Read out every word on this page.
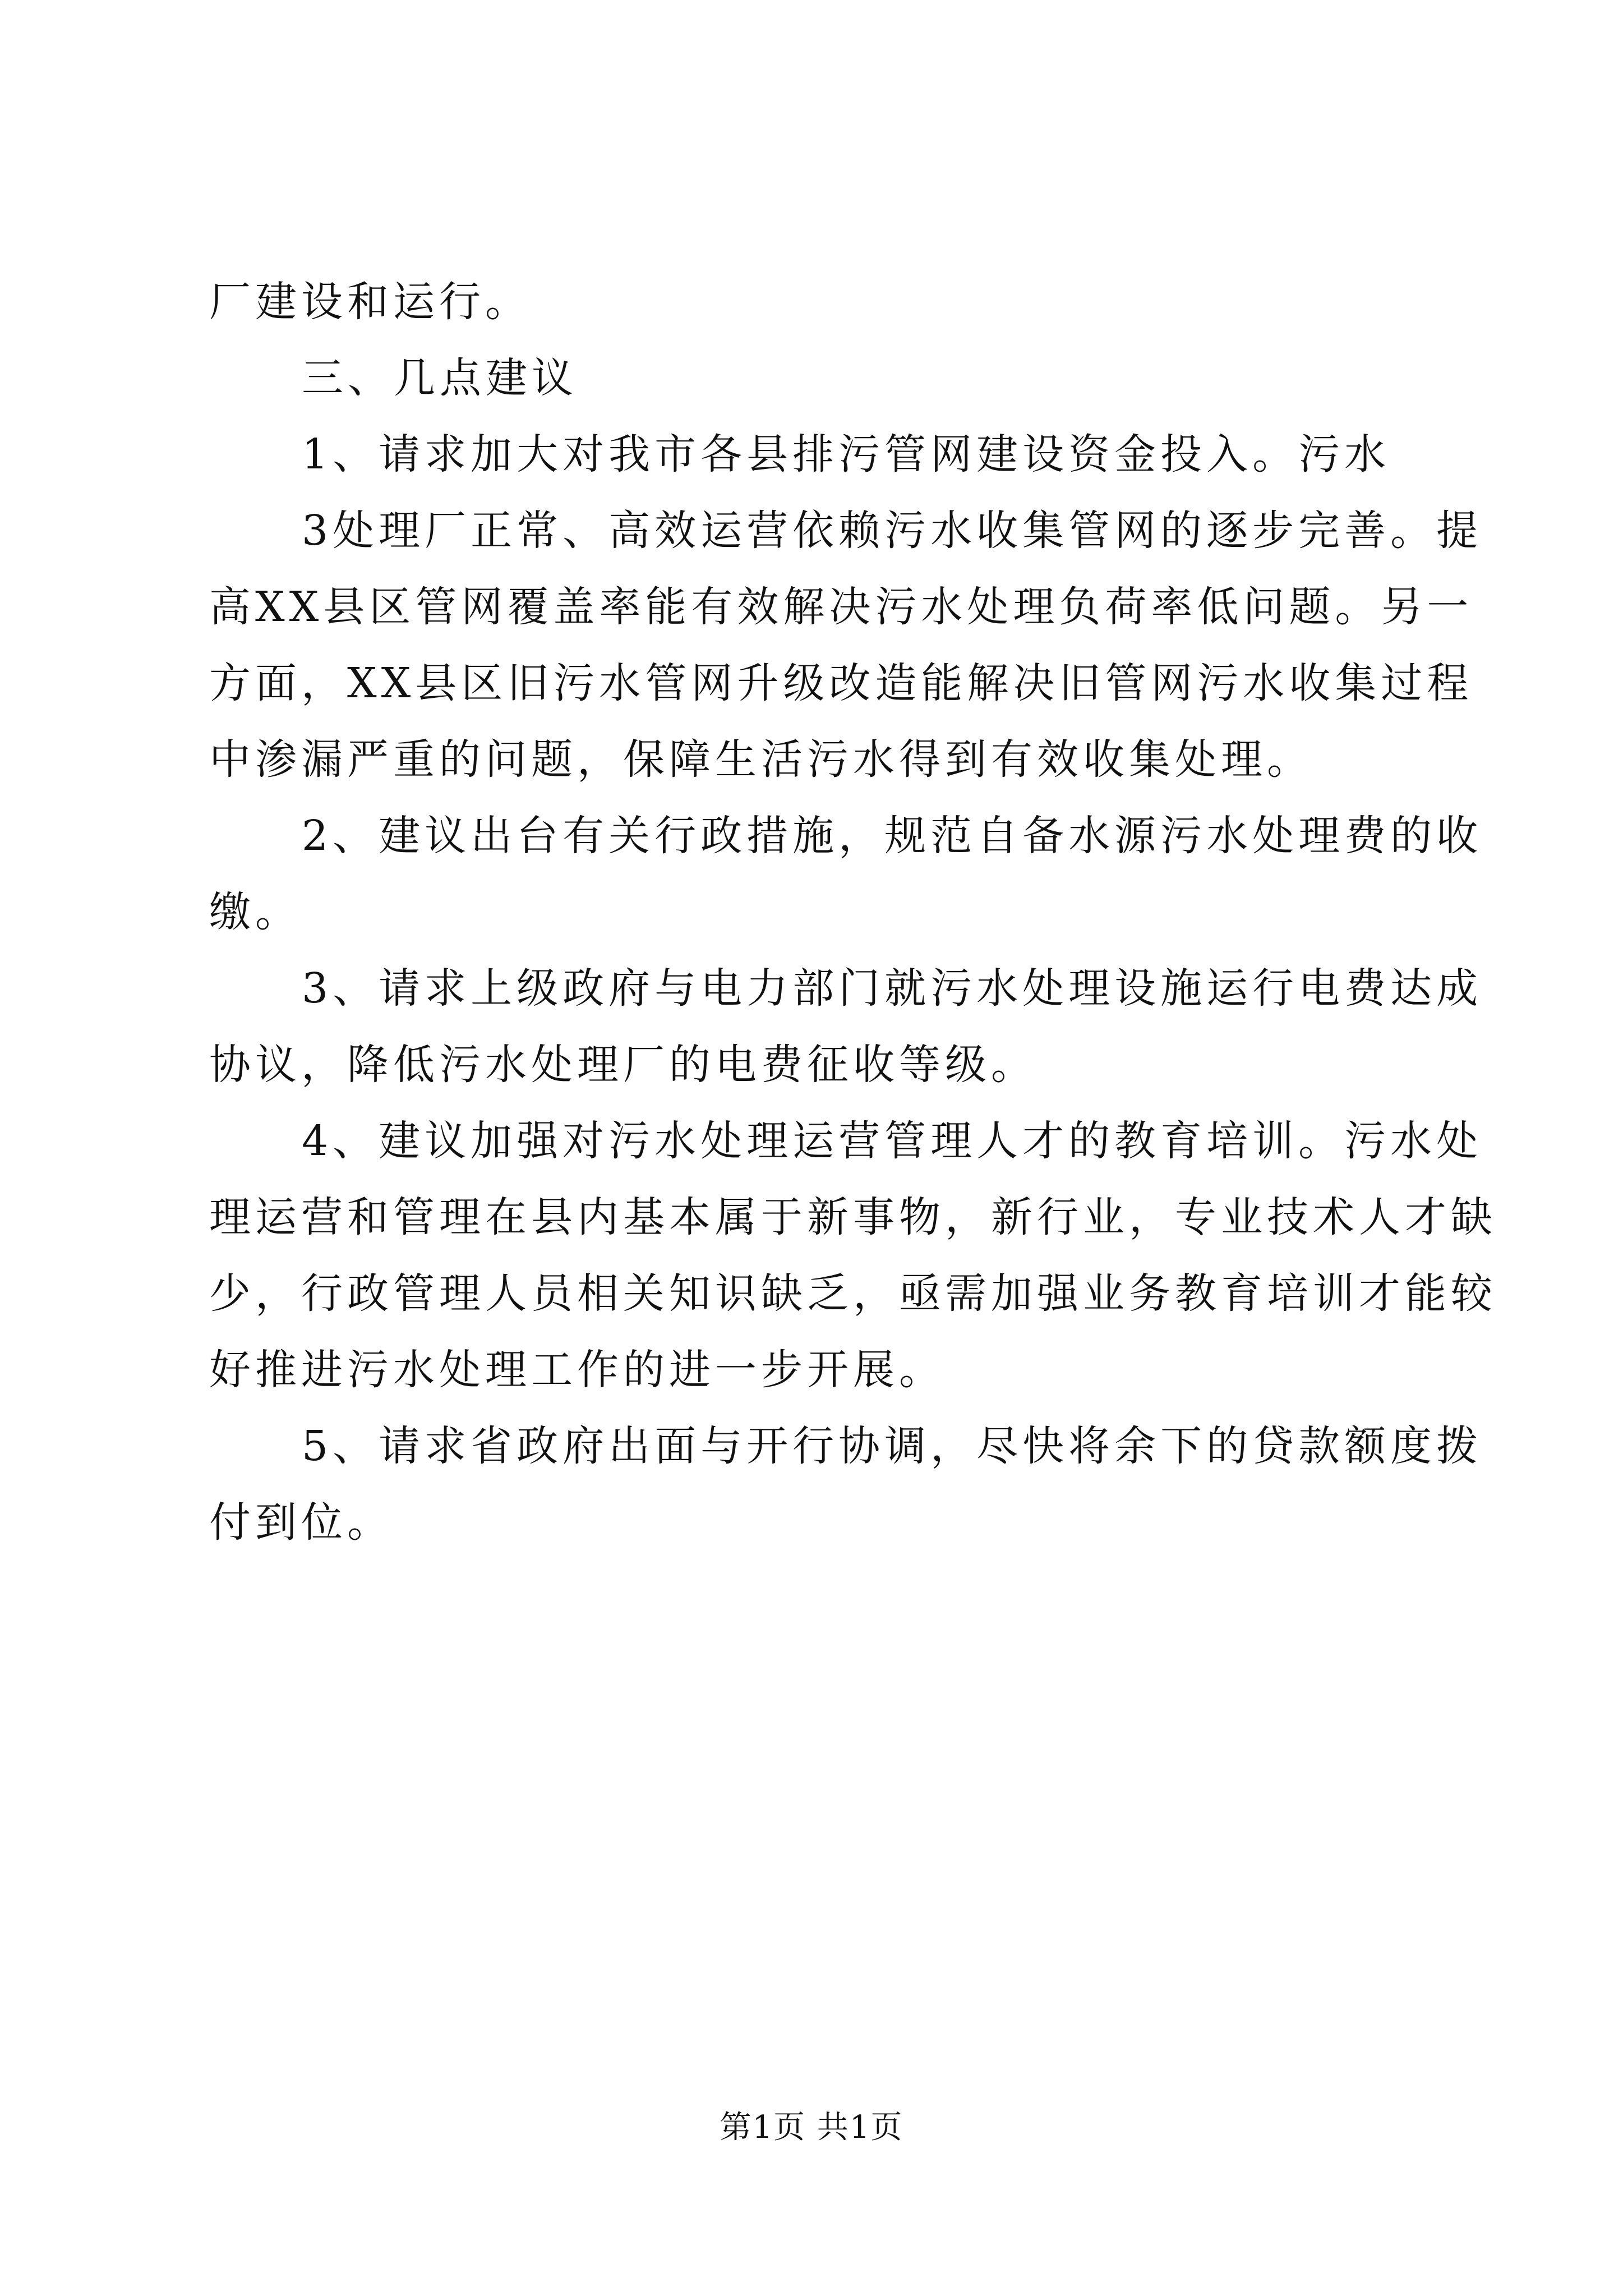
厂建设和运行。
三、几点建议
1、请求加大对我市各县排污管网建设资金投入。污水
3处理厂正常、高效运营依赖污水收集管网的逐步完善。提
高XX县区管网覆盖率能有效解决污水处理负荷率低问题。另一
方面，XX县区旧污水管网升级改造能解决旧管网污水收集过程
中渗漏严重的问题，保障生活污水得到有效收集处理。
2、建议出台有关行政措施，规范自备水源污水处理费的收
缴。
3、请求上级政府与电力部门就污水处理设施运行电费达成
协议，降低污水处理厂的电费征收等级。
4、建议加强对污水处理运营管理人才的教育培训。污水处
理运营和管理在县内基本属于新事物，新行业，专业技术人才缺
少，行政管理人员相关知识缺乏，亟需加强业务教育培训才能较
好推进污水处理工作的进一步开展。
5、请求省政府出面与开行协调，尽快将余下的贷款额度拨
付到位。
第1页 共1页
